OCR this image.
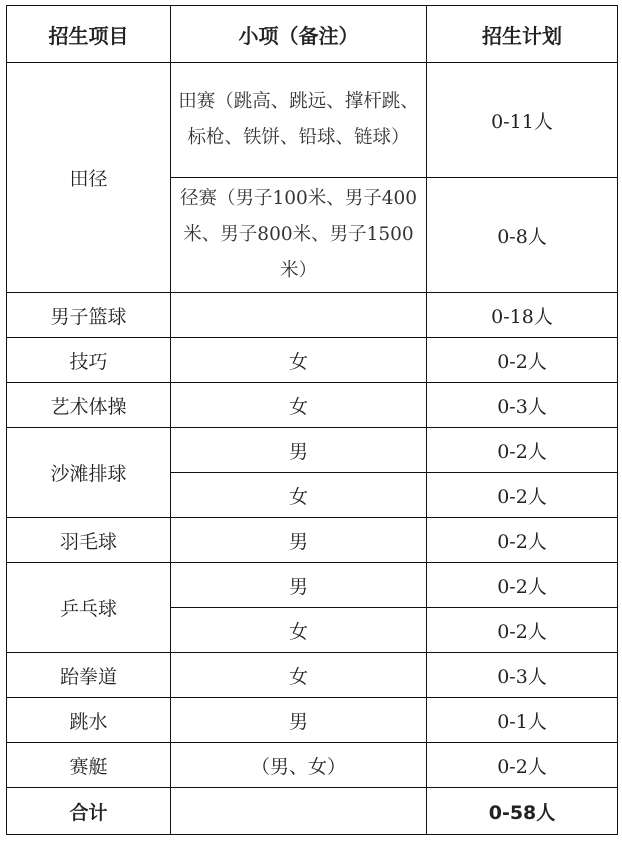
招生项目	小项（备注）	招生计划
田径	田赛（跳高、跳远、撑杆跳、标枪、铁饼、铅球、链球）	0-11人
	径赛（男子100米、男子400米、男子800米、男子1500米）	0-8人
男子篮球		0-18人
技巧	女	0-2人
艺术体操	女	0-3人
沙滩排球	男	0-2人
	女	0-2人
羽毛球	男	0-2人
乒乓球	男	0-2人
	女	0-2人
跆拳道	女	0-3人
跳水	男	0-1人
赛艇	（男、女）	0-2人
合计		0-58人
